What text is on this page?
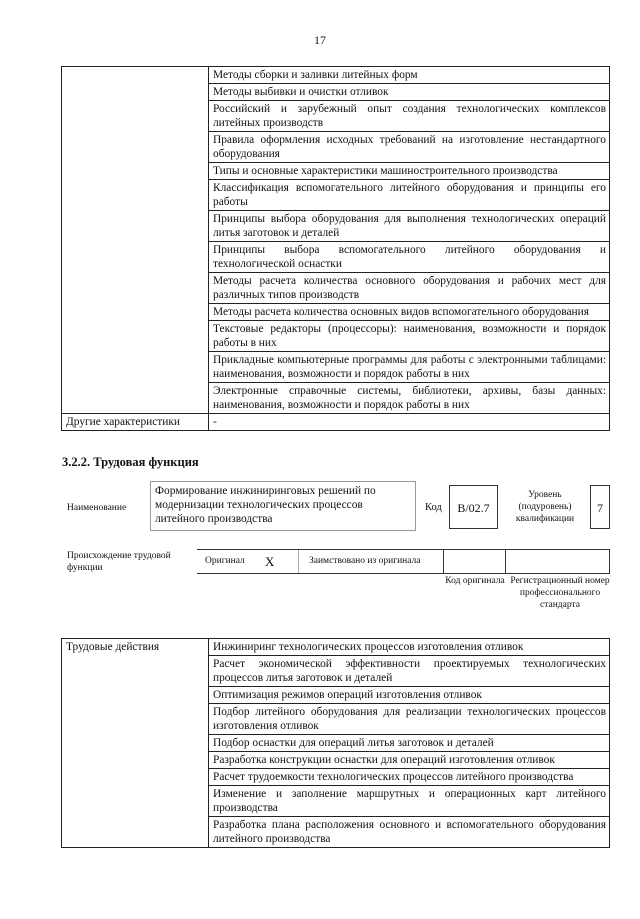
17
	Методы сборки и заливки литейных форм
	Методы выбивки и очистки отливок
	Российский и зарубежный опыт создания технологических комплексов литейных производств
	Правила оформления исходных требований на изготовление нестандартного оборудования
	Типы и основные характеристики машиностроительного производства
	Классификация вспомогательного литейного оборудования и принципы его работы
	Принципы выбора оборудования для выполнения технологических операций литья заготовок и деталей
	Принципы выбора вспомогательного литейного оборудования и технологической оснастки
	Методы расчета количества основного оборудования и рабочих мест для различных типов производств
	Методы расчета количества основных видов вспомогательного оборудования
	Текстовые редакторы (процессоры): наименования, возможности и порядок работы в них
	Прикладные компьютерные программы для работы с электронными таблицами: наименования, возможности и порядок работы в них
	Электронные справочные системы, библиотеки, архивы, базы данных: наименования, возможности и порядок работы в них
Другие характеристики	-
3.2.2. Трудовая функция
Наименование
Формирование инжиниринговых решений по модернизации технологических процессов литейного производства
Код	В/02.7
Уровень (подуровень) квалификации
7
Происхождение трудовой функции
Оригинал X	Заимствовано из оригинала
Код оригинала Регистрационный номер профессионального стандарта
Трудовые действия	Инжиниринг технологических процессов изготовления отливок
Расчет экономической эффективности проектируемых технологических процессов литья заготовок и деталей
Оптимизация режимов операций изготовления отливок
Подбор литейного оборудования для реализации технологических процессов изготовления отливок
Подбор оснастки для операций литья заготовок и деталей
Разработка конструкции оснастки для операций изготовления отливок
Расчет трудоемкости технологических процессов литейного производства
Изменение и заполнение маршрутных и операционных карт литейного производства
Разработка плана расположения основного и вспомогательного оборудования литейного производства
